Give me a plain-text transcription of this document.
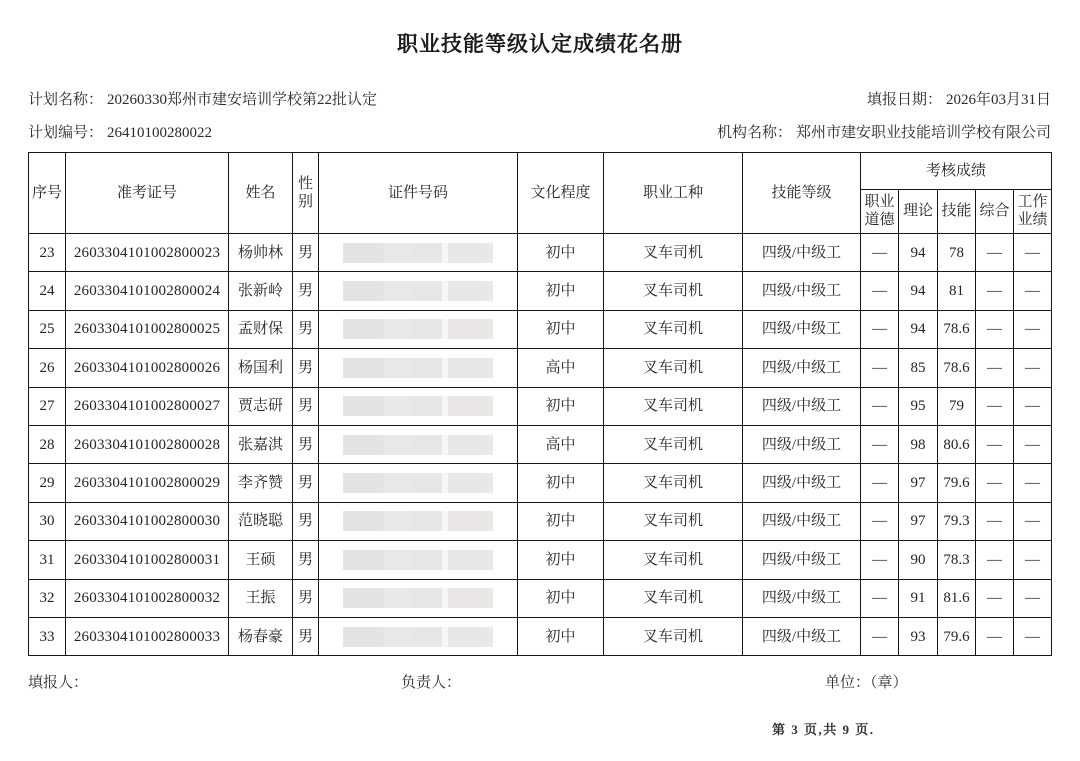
职业技能等级认定成绩花名册
计划名称： 20260330郑州市建安培训学校第22批认定	填报日期： 2026年03月31日
计划编号： 26410100280022	机构名称： 郑州市建安职业技能培训学校有限公司
序号	准考证号	姓名	性别	证件号码	文化程度	职业工种	技能等级	考核成绩				

								职业道德	理论	技能	综合	工作业绩

23	2603304101002800023	杨帅林	男		初中	叉车司机	四级/中级工	—	94	78	—	—
24	2603304101002800024	张新岭	男		初中	叉车司机	四级/中级工	—	94	81	—	—
25	2603304101002800025	孟财保	男		初中	叉车司机	四级/中级工	—	94	78.6	—	—
26	2603304101002800026	杨国利	男		高中	叉车司机	四级/中级工	—	85	78.6	—	—
27	2603304101002800027	贾志研	男		初中	叉车司机	四级/中级工	—	95	79	—	—
28	2603304101002800028	张嘉淇	男		高中	叉车司机	四级/中级工	—	98	80.6	—	—
29	2603304101002800029	李齐赞	男		初中	叉车司机	四级/中级工	—	97	79.6	—	—
30	2603304101002800030	范晓聪	男		初中	叉车司机	四级/中级工	—	97	79.3	—	—
31	2603304101002800031	王硕	男		初中	叉车司机	四级/中级工	—	90	78.3	—	—
32	2603304101002800032	王振	男		初中	叉车司机	四级/中级工	—	91	81.6	—	—
33	2603304101002800033	杨春豪	男		初中	叉车司机	四级/中级工	—	93	79.6	—	—
填报人：	负责人：	单位：（章）
第 3 页,共 9 页.
